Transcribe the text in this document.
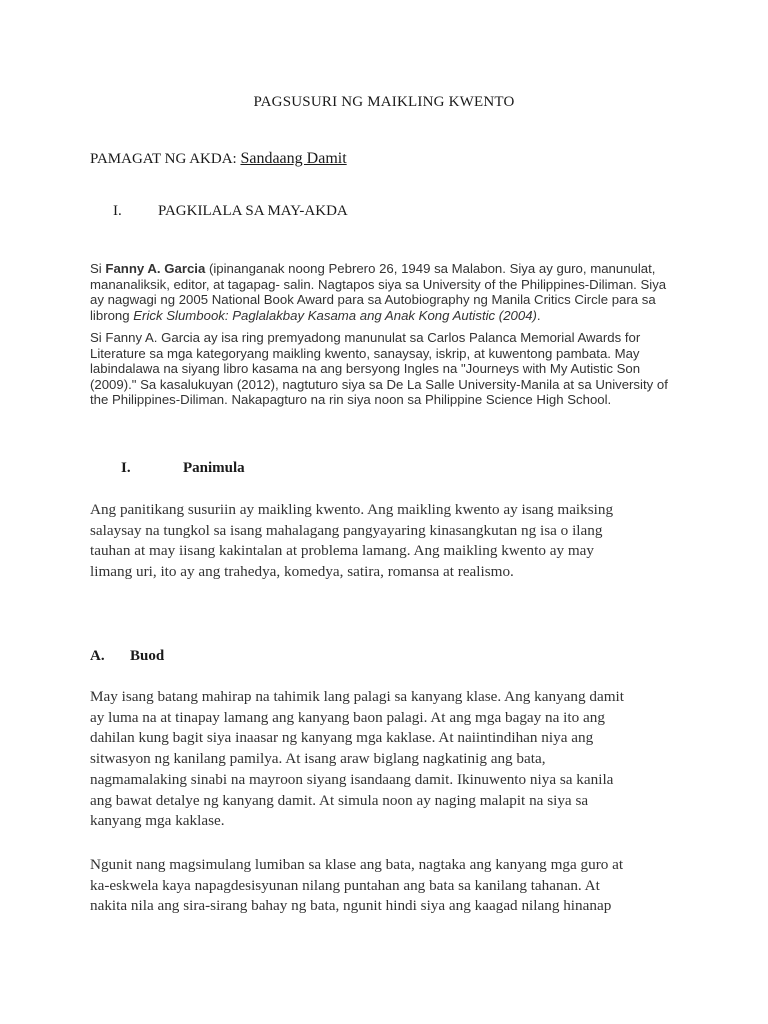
PAGSUSURI NG MAIKLING KWENTO

PAMAGAT NG AKDA: Sandaang Damit

I. PAGKILALA SA MAY-AKDA

Si Fanny A. Garcia (ipinanganak noong Pebrero 26, 1949 sa Malabon. Siya ay guro, manunulat,
mananaliksik, editor, at tagapag- salin. Nagtapos siya sa University of the Philippines-Diliman. Siya
ay nagwagi ng 2005 National Book Award para sa Autobiography ng Manila Critics Circle para sa
librong Erick Slumbook: Paglalakbay Kasama ang Anak Kong Autistic (2004).
Si Fanny A. Garcia ay isa ring premyadong manunulat sa Carlos Palanca Memorial Awards for
Literature sa mga kategoryang maikling kwento, sanaysay, iskrip, at kuwentong pambata. May
labindalawa na siyang libro kasama na ang bersyong Ingles na "Journeys with My Autistic Son
(2009)." Sa kasalukuyan (2012), nagtuturo siya sa De La Salle University-Manila at sa University of
the Philippines-Diliman. Nakapagturo na rin siya noon sa Philippine Science High School.

I.	Panimula

Ang panitikang susuriin ay maikling kwento. Ang maikling kwento ay isang maiksing
salaysay na tungkol sa isang mahalagang pangyayaring kinasangkutan ng isa o ilang
tauhan at may iisang kakintalan at problema lamang. Ang maikling kwento ay may
limang uri, ito ay ang trahedya, komedya, satira, romansa at realismo.

A. Buod

May isang batang mahirap na tahimik lang palagi sa kanyang klase. Ang kanyang damit
ay luma na at tinapay lamang ang kanyang baon palagi. At ang mga bagay na ito ang
dahilan kung bagit siya inaasar ng kanyang mga kaklase. At naiintindihan niya ang
sitwasyon ng kanilang pamilya. At isang araw biglang nagkatinig ang bata,
nagmamalaking sinabi na mayroon siyang isandaang damit. Ikinuwento niya sa kanila
ang bawat detalye ng kanyang damit. At simula noon ay naging malapit na siya sa
kanyang mga kaklase.
Ngunit nang magsimulang lumiban sa klase ang bata, nagtaka ang kanyang mga guro at
ka-eskwela kaya napagdesisyunan nilang puntahan ang bata sa kanilang tahanan. At
nakita nila ang sira-sirang bahay ng bata, ngunit hindi siya ang kaagad nilang hinanap
